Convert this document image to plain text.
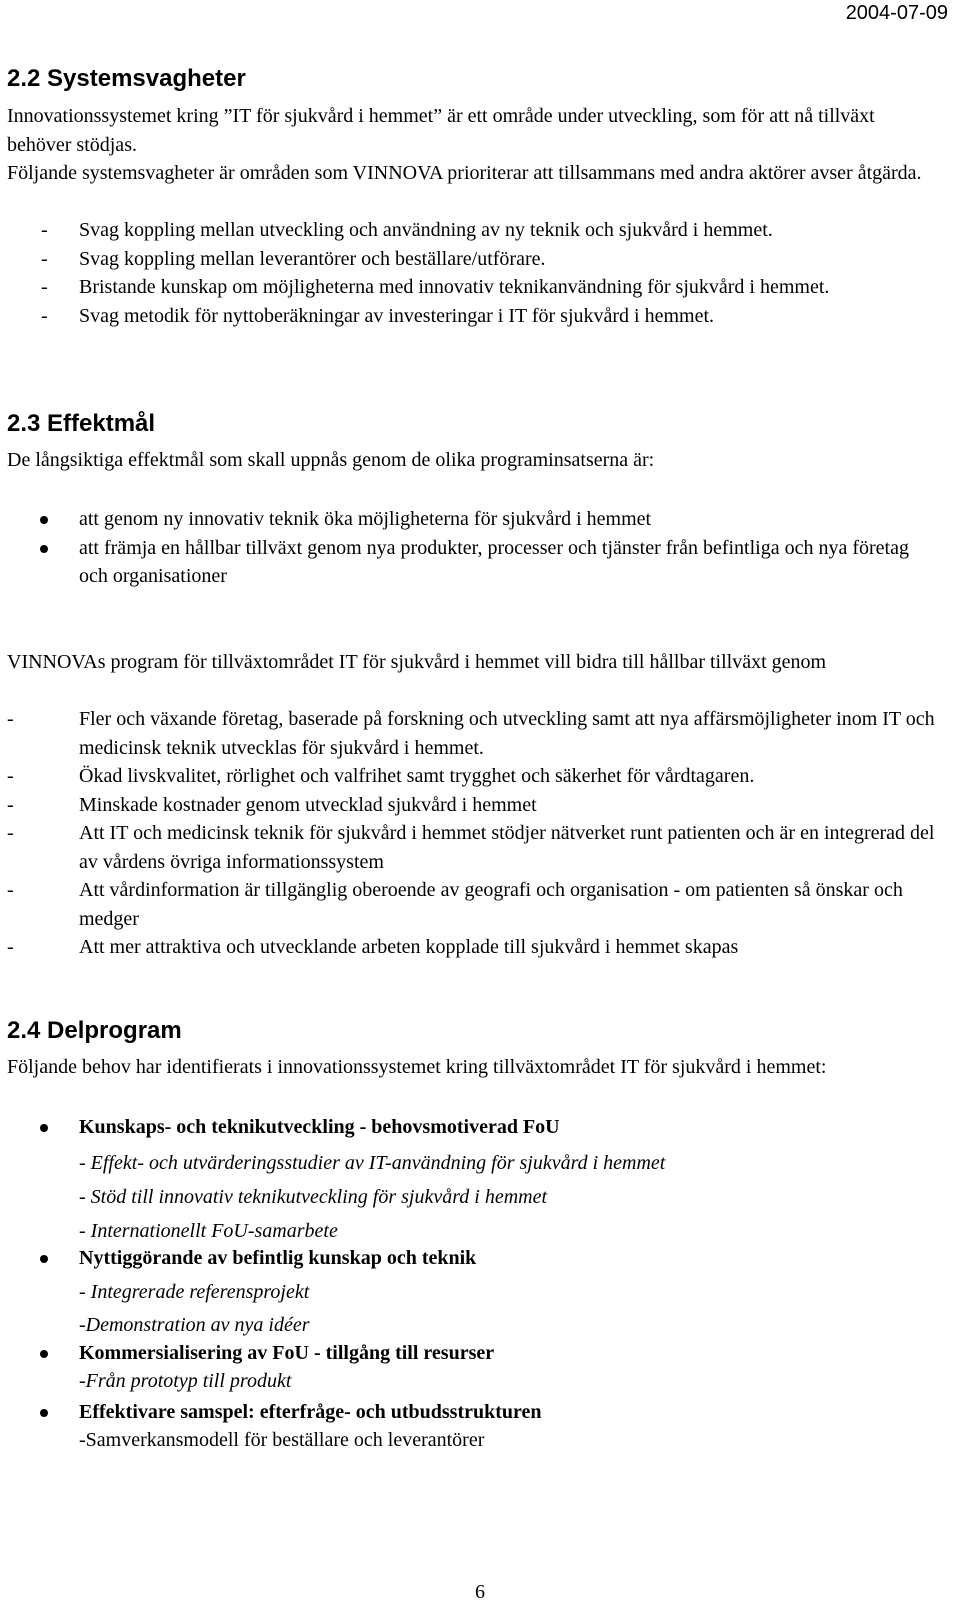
2004-07-09
2.2 Systemsvagheter

Innovationssystemet kring ”IT för sjukvård i hemmet” är ett område under utveckling, som för att nå tillväxt behöver stödjas.

Följande systemsvagheter är områden som VINNOVA prioriterar att tillsammans med andra aktörer avser åtgärda.

- Svag koppling mellan utveckling och användning av ny teknik och sjukvård i hemmet.
- Svag koppling mellan leverantörer och beställare/utförare.
- Bristande kunskap om möjligheterna med innovativ teknikanvändning för sjukvård i hemmet.
- Svag metodik för nyttoberäkningar av investeringar i IT för sjukvård i hemmet.
2.3 Effektmål

De långsiktiga effektmål som skall uppnås genom de olika programinsatserna är:

att genom ny innovativ teknik öka möjligheterna för sjukvård i hemmet
att främja en hållbar tillväxt genom nya produkter, processer och tjänster från befintliga och nya företag och organisationer

VINNOVAs program för tillväxtområdet IT för sjukvård i hemmet vill bidra till hållbar tillväxt genom

-	Fler och växande företag, baserade på forskning och utveckling samt att nya affärsmöjligheter inom IT och medicinsk teknik utvecklas för sjukvård i hemmet.
-	Ökad livskvalitet, rörlighet och valfrihet samt trygghet och säkerhet för vårdtagaren.
-	Minskade kostnader genom utvecklad sjukvård i hemmet
-	Att IT och medicinsk teknik för sjukvård i hemmet stödjer nätverket runt patienten och är en integrerad del av vårdens övriga informationssystem
-	Att vårdinformation är tillgänglig oberoende av geografi och organisation - om patienten så önskar och medger
-	Att mer attraktiva och utvecklande arbeten kopplade till sjukvård i hemmet skapas
2.4 Delprogram

Följande behov har identifierats i innovationssystemet kring tillväxtområdet IT för sjukvård i hemmet:

Kunskaps- och teknikutveckling - behovsmotiverad FoU
- Effekt- och utvärderingsstudier av IT-användning för sjukvård i hemmet
- Stöd till innovativ teknikutveckling för sjukvård i hemmet
- Internationellt FoU-samarbete
Nyttiggörande av befintlig kunskap och teknik
- Integrerade referensprojekt
-Demonstration av nya idéer
Kommersialisering av FoU - tillgång till resurser
-Från prototyp till produkt
Effektivare samspel: efterfråge- och utbudsstrukturen
-Samverkansmodell för beställare och leverantörer
6
